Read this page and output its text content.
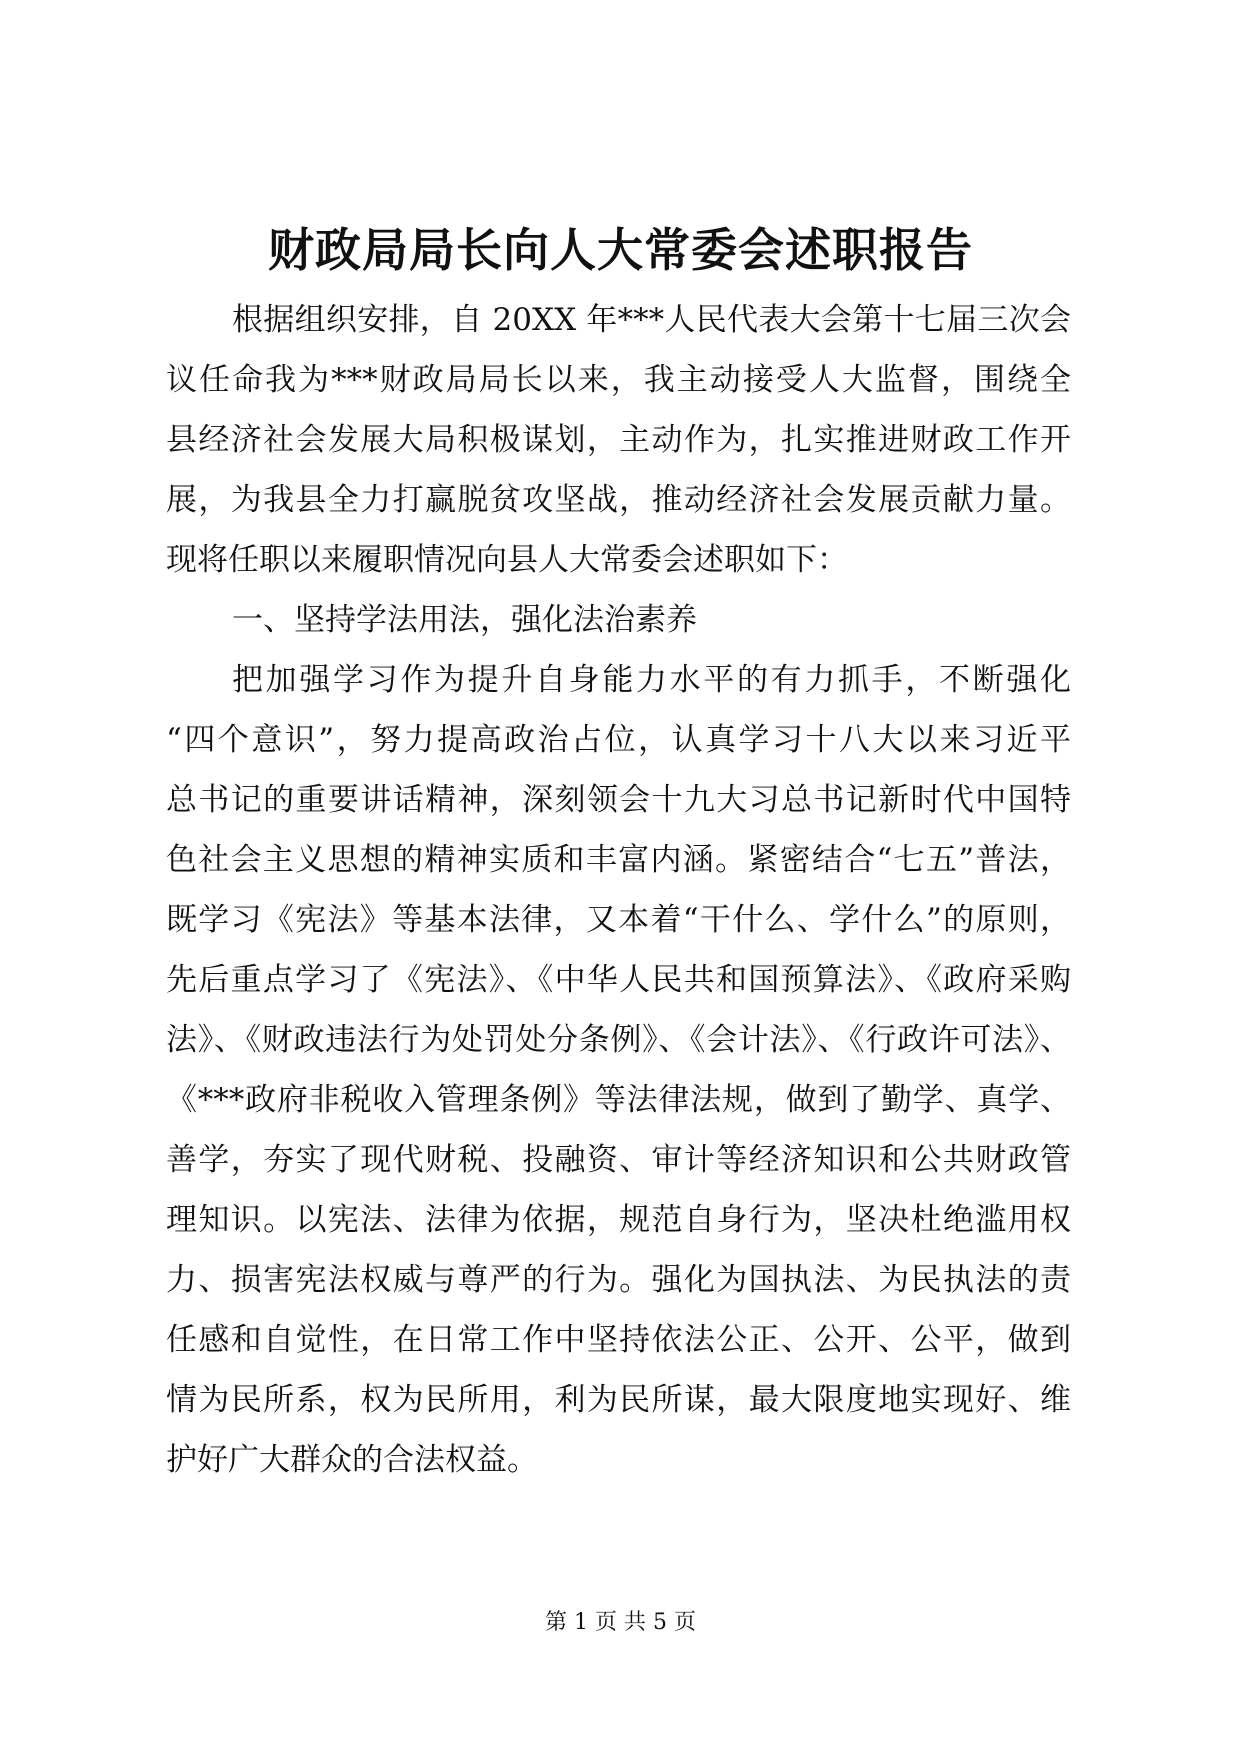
财政局局长向人大常委会述职报告
根据组织安排，自 20XX 年***人民代表大会第十七届三次会
议任命我为***财政局局长以来，我主动接受人大监督，围绕全
县经济社会发展大局积极谋划，主动作为，扎实推进财政工作开
展，为我县全力打赢脱贫攻坚战，推动经济社会发展贡献力量。
现将任职以来履职情况向县人大常委会述职如下：
一、坚持学法用法，强化法治素养
把加强学习作为提升自身能力水平的有力抓手，不断强化
“四个意识”，努力提高政治占位，认真学习十八大以来习近平
总书记的重要讲话精神，深刻领会十九大习总书记新时代中国特
色社会主义思想的精神实质和丰富内涵。紧密结合“七五”普法，
既学习《宪法》等基本法律，又本着“干什么、学什么”的原则，
先后重点学习了《宪法》、《中华人民共和国预算法》、《政府采购
法》、《财政违法行为处罚处分条例》、《会计法》、《行政许可法》、
《***政府非税收入管理条例》等法律法规，做到了勤学、真学、
善学，夯实了现代财税、投融资、审计等经济知识和公共财政管
理知识。以宪法、法律为依据，规范自身行为，坚决杜绝滥用权
力、损害宪法权威与尊严的行为。强化为国执法、为民执法的责
任感和自觉性，在日常工作中坚持依法公正、公开、公平，做到
情为民所系，权为民所用，利为民所谋，最大限度地实现好、维
护好广大群众的合法权益。
第 1 页 共 5 页
